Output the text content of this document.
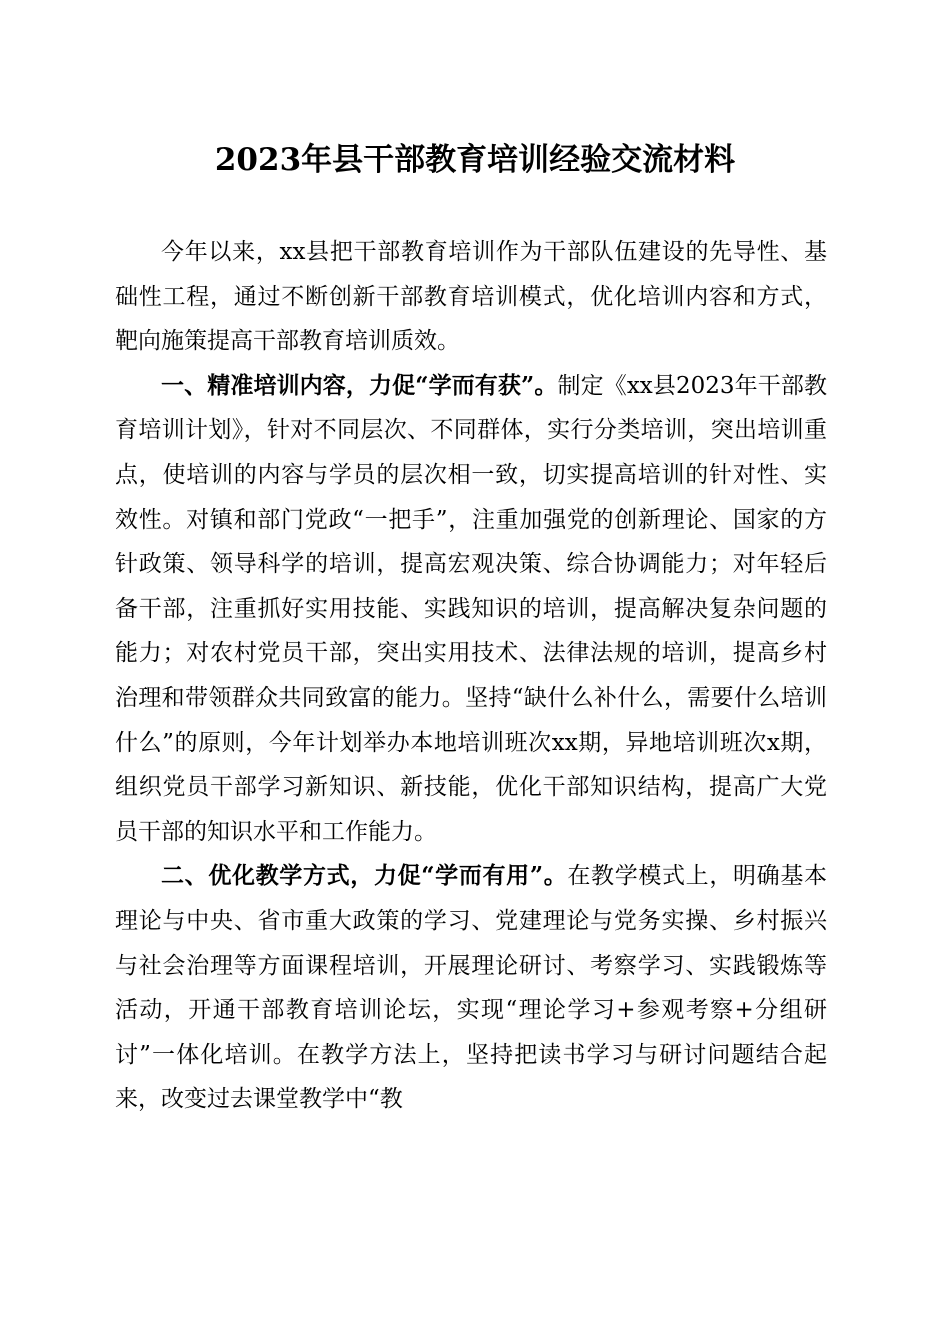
2023年县干部教育培训经验交流材料

今年以来，xx县把干部教育培训作为干部队伍建设的先导性、基础性工程，通过不断创新干部教育培训模式，优化培训内容和方式，靶向施策提高干部教育培训质效。

一、精准培训内容，力促“学而有获”。制定《xx县2023年干部教育培训计划》，针对不同层次、不同群体，实行分类培训，突出培训重点，使培训的内容与学员的层次相一致，切实提高培训的针对性、实效性。对镇和部门党政“一把手”，注重加强党的创新理论、国家的方针政策、领导科学的培训，提高宏观决策、综合协调能力；对年轻后备干部，注重抓好实用技能、实践知识的培训，提高解决复杂问题的能力；对农村党员干部，突出实用技术、法律法规的培训，提高乡村治理和带领群众共同致富的能力。坚持“缺什么补什么，需要什么培训什么”的原则，今年计划举办本地培训班次xx期，异地培训班次x期，组织党员干部学习新知识、新技能，优化干部知识结构，提高广大党员干部的知识水平和工作能力。

二、优化教学方式，力促“学而有用”。在教学模式上，明确基本理论与中央、省市重大政策的学习、党建理论与党务实操、乡村振兴与社会治理等方面课程培训，开展理论研讨、考察学习、实践锻炼等活动，开通干部教育培训论坛，实现“理论学习+参观考察+分组研讨”一体化培训。在教学方法上，坚持把读书学习与研讨问题结合起来，改变过去课堂教学中“教
